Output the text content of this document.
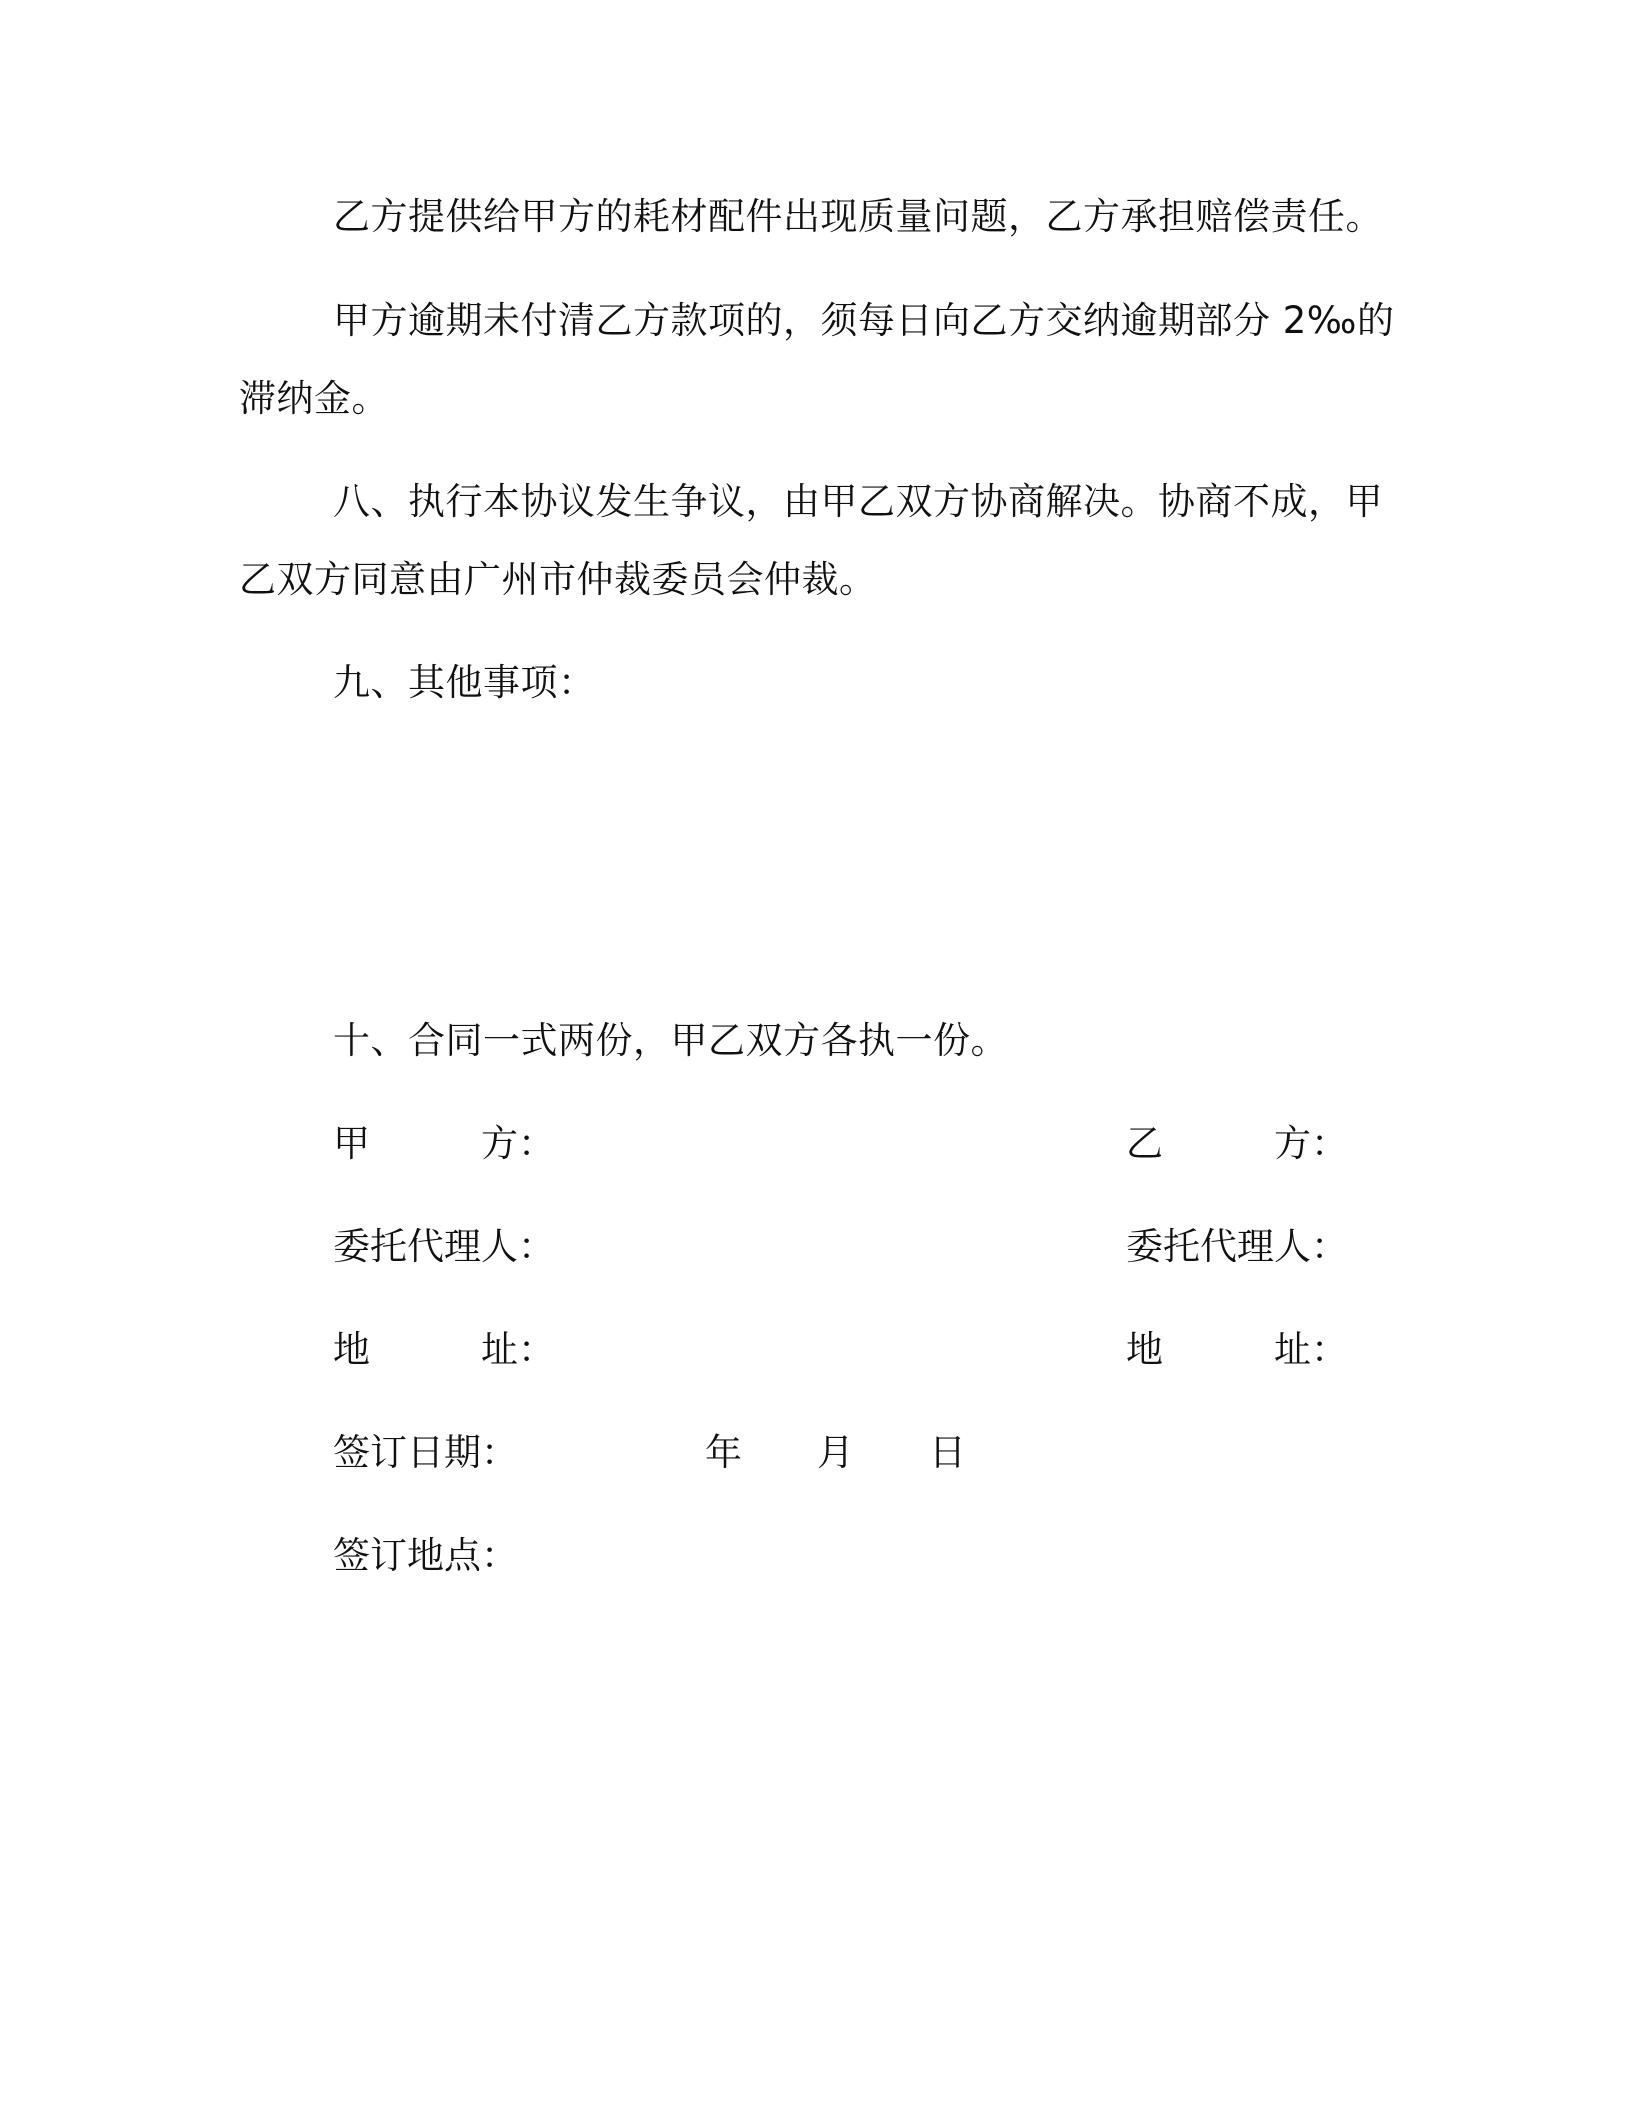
乙方提供给甲方的耗材配件出现质量问题，乙方承担赔偿责任。
甲方逾期未付清乙方款项的，须每日向乙方交纳逾期部分 2‰的
滞纳金。
八、执行本协议发生争议，由甲乙双方协商解决。协商不成，甲
乙双方同意由广州市仲裁委员会仲裁。
九、其他事项：
十、合同一式两份，甲乙双方各执一份。
甲　　　方：	乙　　　方：
委托代理人：	委托代理人：
地　　　址：	地　　　址：
签订日期：	年 月 日
签订地点：
